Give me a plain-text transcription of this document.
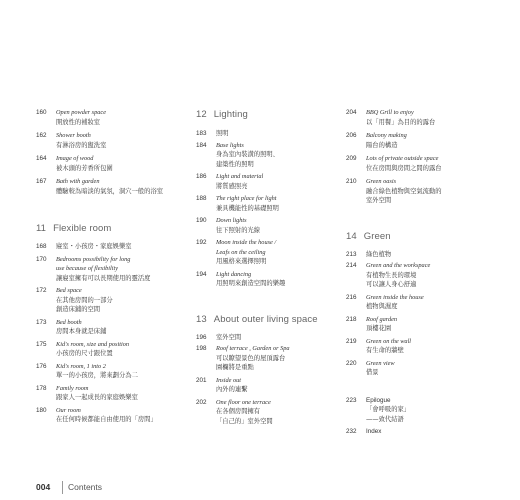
160	Open powder space
開放性的補妝室
162	Shower booth
有淋浴房的盥洗室
164	Image of wood
被木頭的芳香所包圍
167	Bath with garden
體驗較為暗淡的氣氛，洞穴一般的浴室
11 Flexible room
168	寢室・小孩房・家庭娛樂室
170	Bedrooms possibility for long
use because of flexibility
讓寢室擁有可以長期使用的靈活度
172	Bed space
在其他房間的一部分
創造床鋪的空間
173	Bed booth
房間本身就是床鋪
175	Kid's room, size and position
小孩房的尺寸跟位置
176	Kid's room, 1 into 2
單一的小孩房，將來劃分為二
178	Family room
跟家人一起成長的家庭娛樂室
180	Our room
在任何時候都能自由使用的「房間」
12 Lighting
183	照明
184	Base lights
身為室內裝潢的照明、
建築性的照明
186	Light and material
將質感照亮
188	The right place for light
兼具機能性的基礎照明
190	Down lights
往下照射的光線
192	Moon inside the house /
Leafs on the ceiling
用風格來選擇照明
194	Light dancing
用照明來創造空間的樂趣
13 About outer living space
196	室外空間
198	Roof terrace , Garden or Spa
可以瞭望景色的屋頂露台
園欄將是重點
201	Inside out
內外的連繫
202	One floor one terrace
在各個房間擁有
「自己的」室外空間
204	BBQ Grill to enjoy
以「用餐」為目的的露台
206	Balcony making
陽台的構造
209	Lots of private outside space
位在房間與房間之間的露台
210	Green oasis
融合綠色植物與空氣流動的
室外空間
14 Green
213	綠色植物
214	Green and the workspace
有植物生長的環境
可以讓人身心舒適
216	Green inside the house
植物與濕度
218	Roof garden
頂樓花園
219	Green on the wall
有生命的牆壁
220	Green view
借景
223	Epilogue
「會呼吸的家」
——致代結語
232	Index
004 Contents
